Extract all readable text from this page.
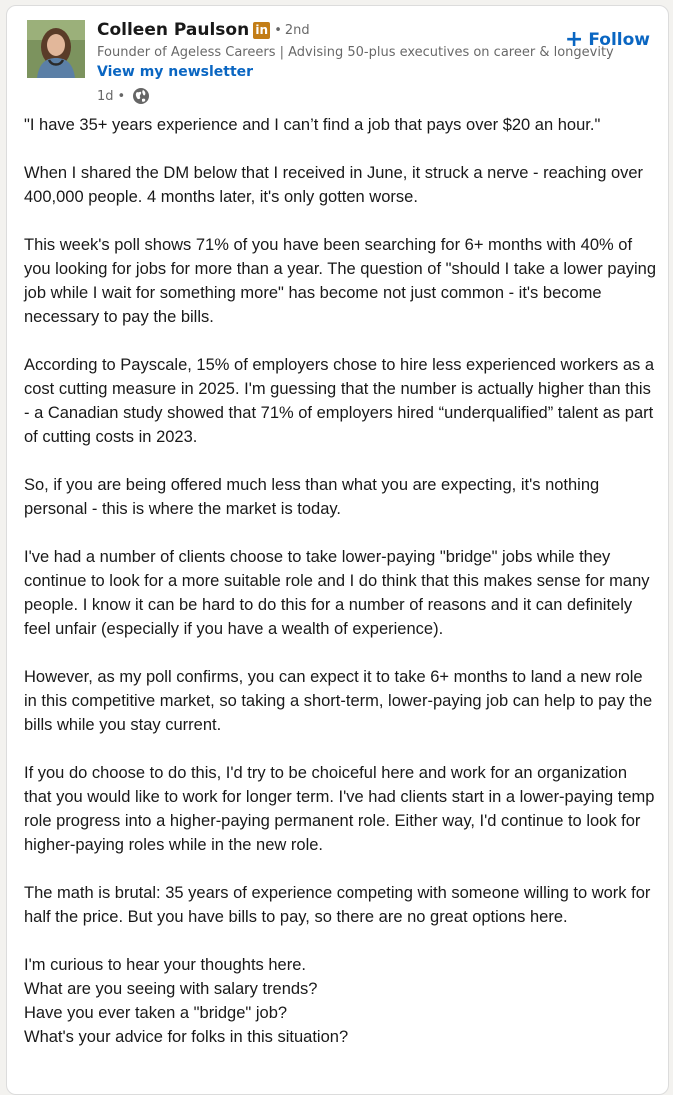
Colleen Paulson in • 2nd
Founder of Ageless Careers | Advising 50-plus executives on career & longevity
View my newsletter
1d •
+ Follow

"I have 35+ years experience and I can’t find a job that pays over $20 an hour."

When I shared the DM below that I received in June, it struck a nerve - reaching over 400,000 people. 4 months later, it's only gotten worse.

This week's poll shows 71% of you have been searching for 6+ months with 40% of you looking for jobs for more than a year. The question of "should I take a lower paying job while I wait for something more" has become not just common - it's become necessary to pay the bills.

According to Payscale, 15% of employers chose to hire less experienced workers as a cost cutting measure in 2025. I'm guessing that the number is actually higher than this - a Canadian study showed that 71% of employers hired “underqualified” talent as part of cutting costs in 2023.

So, if you are being offered much less than what you are expecting, it's nothing personal - this is where the market is today.

I've had a number of clients choose to take lower-paying "bridge" jobs while they continue to look for a more suitable role and I do think that this makes sense for many people. I know it can be hard to do this for a number of reasons and it can definitely feel unfair (especially if you have a wealth of experience).

However, as my poll confirms, you can expect it to take 6+ months to land a new role in this competitive market, so taking a short-term, lower-paying job can help to pay the bills while you stay current.

If you do choose to do this, I'd try to be choiceful here and work for an organization that you would like to work for longer term. I've had clients start in a lower-paying temp role progress into a higher-paying permanent role. Either way, I'd continue to look for higher-paying roles while in the new role.

The math is brutal: 35 years of experience competing with someone willing to work for half the price. But you have bills to pay, so there are no great options here.

I'm curious to hear your thoughts here.
What are you seeing with salary trends?
Have you ever taken a "bridge" job?
What's your advice for folks in this situation?
